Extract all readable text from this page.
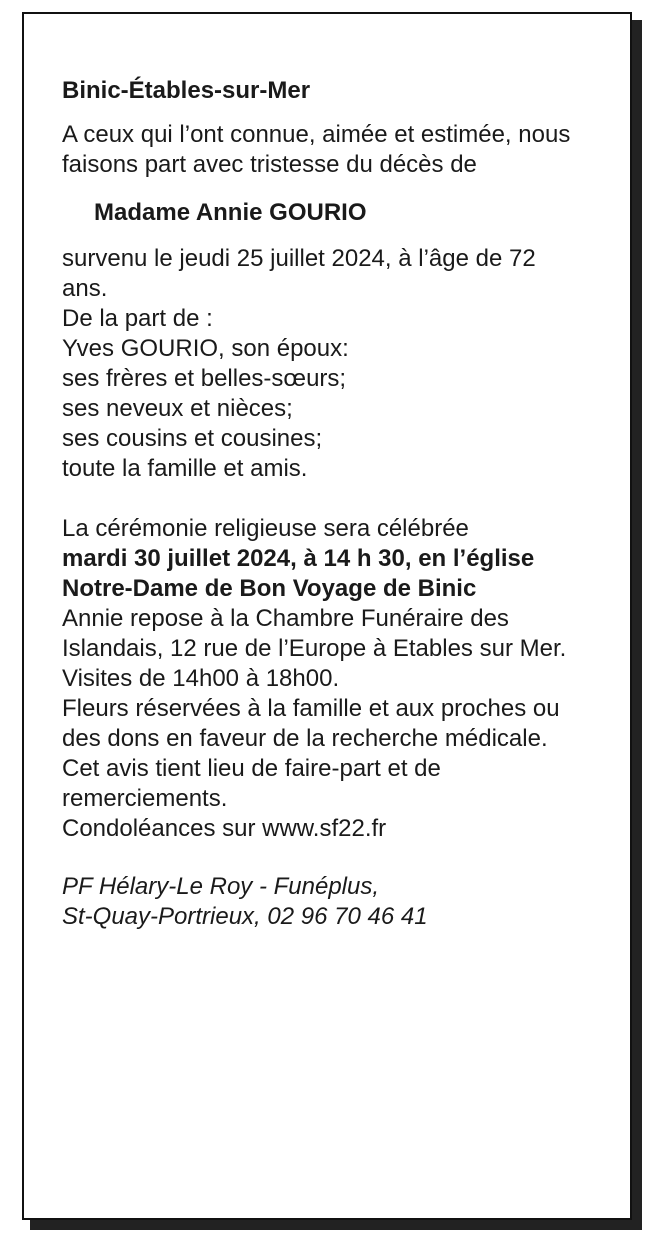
Binic-Étables-sur-Mer

A ceux qui l’ont connue, aimée et estimée, nous faisons part avec tristesse du décès de

Madame Annie GOURIO

survenu le jeudi 25 juillet 2024, à l’âge de 72 ans.

De la part de :

Yves GOURIO, son époux:

ses frères et belles-sœurs;

ses neveux et nièces;

ses cousins et cousines;

toute la famille et amis.

La cérémonie religieuse sera célébrée

mardi 30 juillet 2024, à 14 h 30, en l’église Notre-Dame de Bon Voyage de Binic

Annie repose à la Chambre Funéraire des Islandais, 12 rue de l’Europe à Etables sur Mer. Visites de 14h00 à 18h00.

Fleurs réservées à la famille et aux proches ou des dons en faveur de la recherche médicale.

Cet avis tient lieu de faire-part et de remerciements.

Condoléances sur www.sf22.fr

PF Hélary-Le Roy - Funéplus,

St-Quay-Portrieux, 02 96 70 46 41
